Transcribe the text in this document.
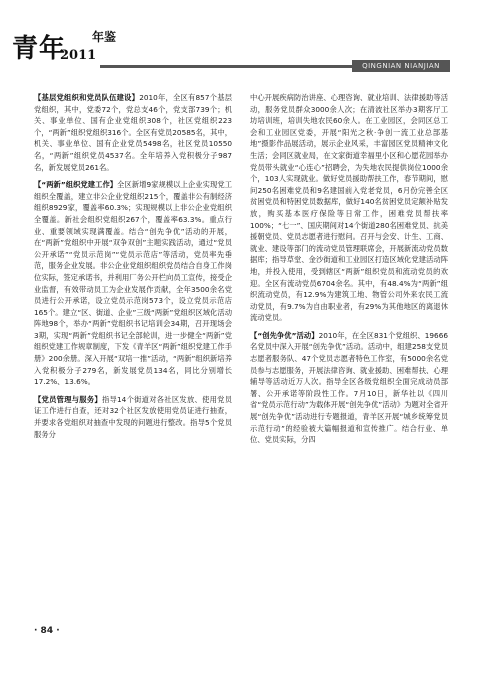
青年 年鉴
2011
QINGNIAN NIANJIAN

【基层党组织和党员队伍建设】2010年，全区有857个基层党组织，其中，党委72个，党总支46个，党支部739个；机关、事业单位、国有企业党组织308个，社区党组织223个，“两新”组织党组织316个。全区有党员20585名，其中，机关、事业单位、国有企业党员5498名，社区党员10550名，“两新”组织党员4537名。全年培养入党积极分子987名，新发展党员261名。

【“两新”组织党建工作】全区新增9家规模以上企业实现党工组织全覆盖，建立非公企业党组织215个，覆盖非公有制经济组织8929家，覆盖率60.3%；实现规模以上非公企业党组织全覆盖。新社会组织党组织267个，覆盖率63.3%。重点行业、重要领域实现满覆盖。结合“创先争优”活动的开展，在“两新”党组织中开展“双争双创”主题实践活动，通过“党员公开承诺”“党员示范岗”“党员示范店”等活动，党员率先垂范，服务企业发展。非公企业党组织组织党员结合自身工作岗位实际，签定承诺书，并利用厂务公开栏向员工宣传，接受企业监督，有效带动员工为企业发展作贡献，全年3500余名党员进行公开承诺，设立党员示范岗573个，设立党员示范店165个。建立“区、街道、企业”三级“两新”党组织区域化活动阵地98个，举办“两新”党组织书记培训会34期，召开现场会3期，实现“两新”党组织书记全部轮训，进一步健全“两新”党组织党建工作规章制度，下发《青羊区“两新”组织党建工作手册》200余册。深入开展“双培一推”活动，“两新”组织新培养入党积极分子279名，新发展党员134名，同比分别增长17.2%、13.6%。

【党员管理与服务】指导14个街道对各社区发放、使用党员证工作进行自查，还对32个社区发放使用党员证进行抽查，并要求各党组织对抽查中发现的问题进行整改。指导5个党员服务分

中心开展疾病防治讲座、心理咨询、就业培训、法律援助等活动，服务党员群众3000余人次；在清波社区举办3期客厅工坊培训班，培训失地农民60余人。在工业园区，会同区总工会和工业园区党委，开展“阳光之秋·争创一流工业总部基地”摄影作品展活动，展示企业风采，丰富园区党员精神文化生活；会同区就业局，在文家街道幸福里小区和心愿花园举办党员带头就业“心连心”招聘会，为失地农民提供岗位1000余个，103人实现就业。做好党员援助帮扶工作，春节期间，慰问250名困难党员和9名建国前入党老党员，6月份完善全区贫困党员和特困党员数据库，做好140名贫困党员定额补贴发放，购买基本医疗保险等日常工作，困难党员帮扶率100%；“七一”、国庆期间对14个街道280名困难党员、抗美援朝党员、党员志愿者进行慰问。召开与会安、计生、工商、就业、建设等部门的流动党员管理联席会，开展新流动党员数据库；指导草堂、金沙街道和工业园区打造区域化党建活动阵地，并投入使用，受到辖区“两新”组织党员和流动党员的欢迎。全区有流动党员6704余名。其中，有48.4%为“两新”组织流动党员，有12.9%为建筑工地、物管公司外来农民工流动党员，有9.7%为自由职业者，有29%为其他地区的离退休流动党员。

【“创先争优”活动】2010年，在全区831个党组织、19666名党员中深入开展“创先争优”活动。活动中，组建258支党员志愿者服务队、47个党员志愿者特色工作室，有5000余名党员参与志愿服务，开展法律咨询、就业援助、困难帮扶、心理辅导等活动近万人次。指导全区各级党组织全面完成动员部署、公开承诺等阶段性工作。7月10日，新华社以《四川省“党员示范行动”为载体开展“创先争优”活动》为题对全省开展“创先争优”活动进行专题报道，青羊区开展“城乡统筹党员示范行动”的经验被大篇幅报道和宣传推广。结合行业、单位、党员实际，分四

· 84 ·
